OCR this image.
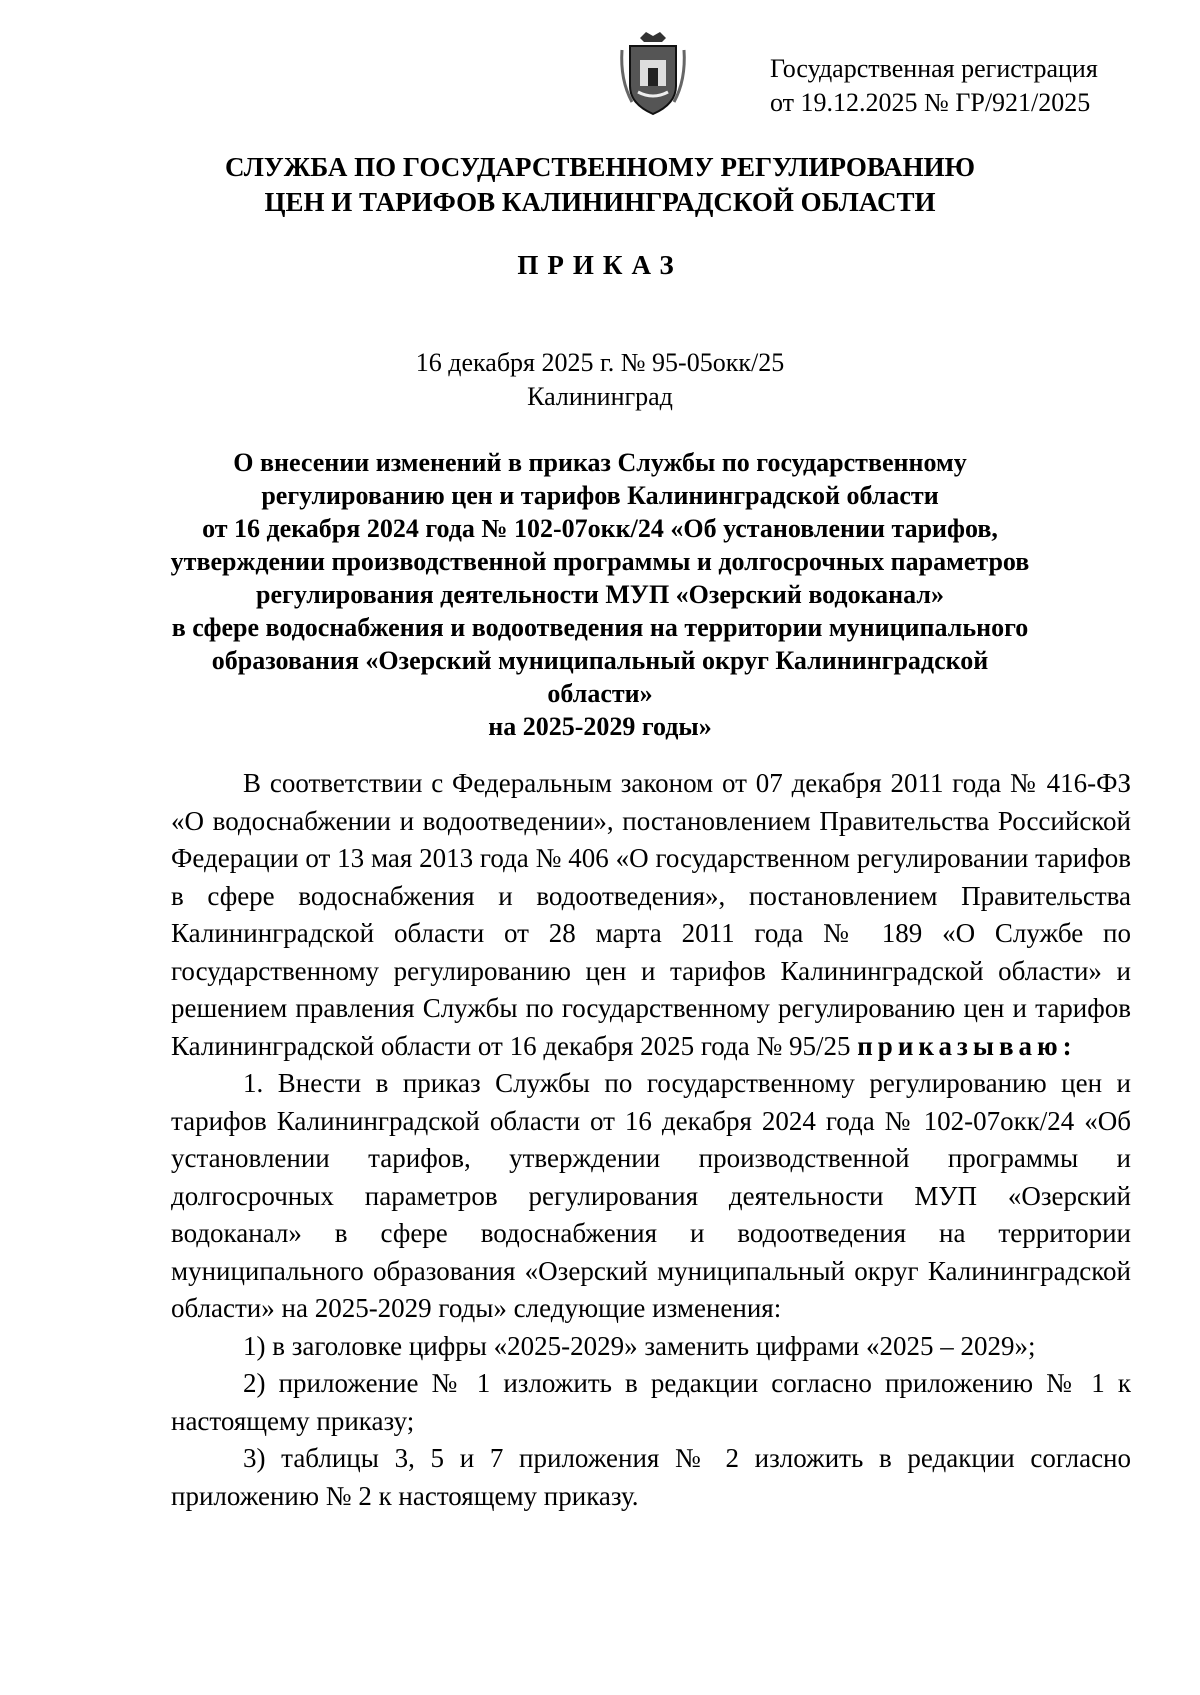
Государственная регистрация
от 19.12.2025 № ГР/921/2025
СЛУЖБА ПО ГОСУДАРСТВЕННОМУ РЕГУЛИРОВАНИЮ
ЦЕН И ТАРИФОВ КАЛИНИНГРАДСКОЙ ОБЛАСТИ
ПРИКАЗ
16 декабря 2025 г. № 95-05окк/25
Калининград
О внесении изменений в приказ Службы по государственному
регулированию цен и тарифов Калининградской области
от 16 декабря 2024 года № 102-07окк/24 «Об установлении тарифов,
утверждении производственной программы и долгосрочных параметров
регулирования деятельности МУП «Озерский водоканал»
в сфере водоснабжения и водоотведения на территории муниципального
образования «Озерский муниципальный округ Калининградской области»
на 2025-2029 годы»

В соответствии с Федеральным законом от 07 декабря 2011 года № 416-ФЗ «О водоснабжении и водоотведении», постановлением Правительства Российской Федерации от 13 мая 2013 года № 406 «О государственном регулировании тарифов в сфере водоснабжения и водоотведения», постановлением Правительства Калининградской области от 28 марта 2011 года № 189 «О Службе по государственному регулированию цен и тарифов Калининградской области» и решением правления Службы по государственному регулированию цен и тарифов Калининградской области от 16 декабря 2025 года № 95/25 приказываю:

1. Внести в приказ Службы по государственному регулированию цен и тарифов Калининградской области от 16 декабря 2024 года № 102-07окк/24 «Об установлении тарифов, утверждении производственной программы и долгосрочных параметров регулирования деятельности МУП «Озерский водоканал» в сфере водоснабжения и водоотведения на территории муниципального образования «Озерский муниципальный округ Калининградской области» на 2025-2029 годы» следующие изменения:

1) в заголовке цифры «2025-2029» заменить цифрами «2025 – 2029»;

2) приложение № 1 изложить в редакции согласно приложению № 1 к настоящему приказу;

3) таблицы 3, 5 и 7 приложения № 2 изложить в редакции согласно приложению № 2 к настоящему приказу.
